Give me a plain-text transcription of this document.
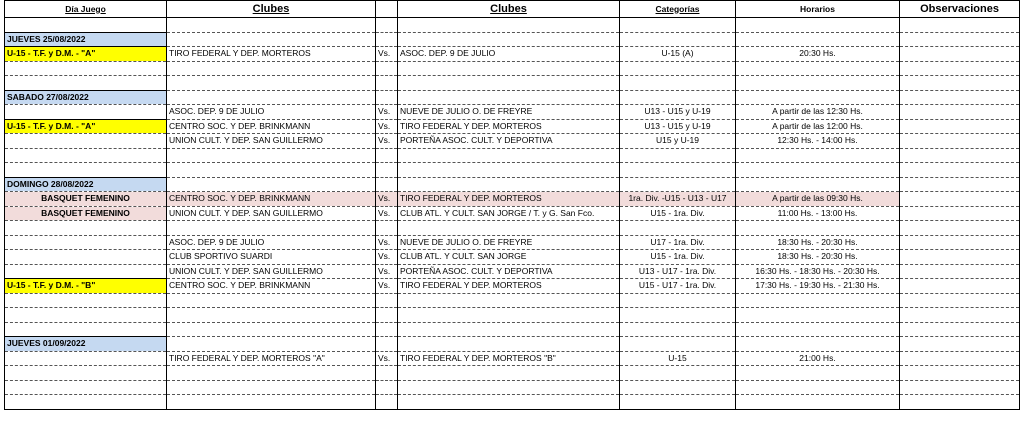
Día Juego	Clubes		Clubes	Categorías	Horarios	Observaciones

JUEVES 25/08/2022						
U-15 - T.F. y D.M. - "A"	TIRO FEDERAL Y DEP. MORTEROS	Vs.	ASOC. DEP. 9 DE JULIO	U-15 (A)	20:30 Hs.	

SABADO 27/08/2022						
	ASOC. DEP. 9 DE JULIO	Vs.	NUEVE DE JULIO O. DE FREYRE	U13 - U15 y U-19	A partir de las 12:30 Hs.	
U-15 - T.F. y D.M. - "A"	CENTRO SOC. Y DEP. BRINKMANN	Vs.	TIRO FEDERAL Y DEP. MORTEROS	U13 - U15 y U-19	A partir de las 12:00 Hs.	
	UNION CULT. Y DEP. SAN GUILLERMO	Vs.	PORTEÑA ASOC. CULT. Y DEPORTIVA	U15 y U-19	12:30 Hs. - 14:00 Hs.	

DOMINGO 28/08/2022						
BASQUET FEMENINO	CENTRO SOC. Y DEP. BRINKMANN	Vs.	TIRO FEDERAL Y DEP. MORTEROS	1ra. Div. -U15 - U13 - U17	A partir de las 09:30 Hs.	
BASQUET FEMENINO	UNION CULT. Y DEP. SAN GUILLERMO	Vs.	CLUB ATL. Y CULT. SAN JORGE / T. y G. San Fco.	U15 - 1ra. Div.	11:00 Hs. - 13:00 Hs.	

	ASOC. DEP. 9 DE JULIO	Vs.	NUEVE DE JULIO O. DE FREYRE	U17 - 1ra. Div.	18:30 Hs. - 20:30 Hs.	
	CLUB SPORTIVO SUARDI	Vs.	CLUB ATL. Y CULT. SAN JORGE	U15 - 1ra. Div.	18:30 Hs. - 20:30 Hs.	
	UNION CULT. Y DEP. SAN GUILLERMO	Vs.	PORTEÑA ASOC. CULT. Y DEPORTIVA	U13 - U17 - 1ra. Div.	16:30 Hs. - 18:30 Hs. - 20:30 Hs.	
U-15 - T.F. y D.M. - "B"	CENTRO SOC. Y DEP. BRINKMANN	Vs.	TIRO FEDERAL Y DEP. MORTEROS	U15 - U17 - 1ra. Div.	17:30 Hs. - 19:30 Hs. - 21:30 Hs.	

JUEVES 01/09/2022						
	TIRO FEDERAL Y DEP. MORTEROS "A"	Vs.	TIRO FEDERAL Y DEP. MORTEROS "B"	U-15	21:00 Hs.	
